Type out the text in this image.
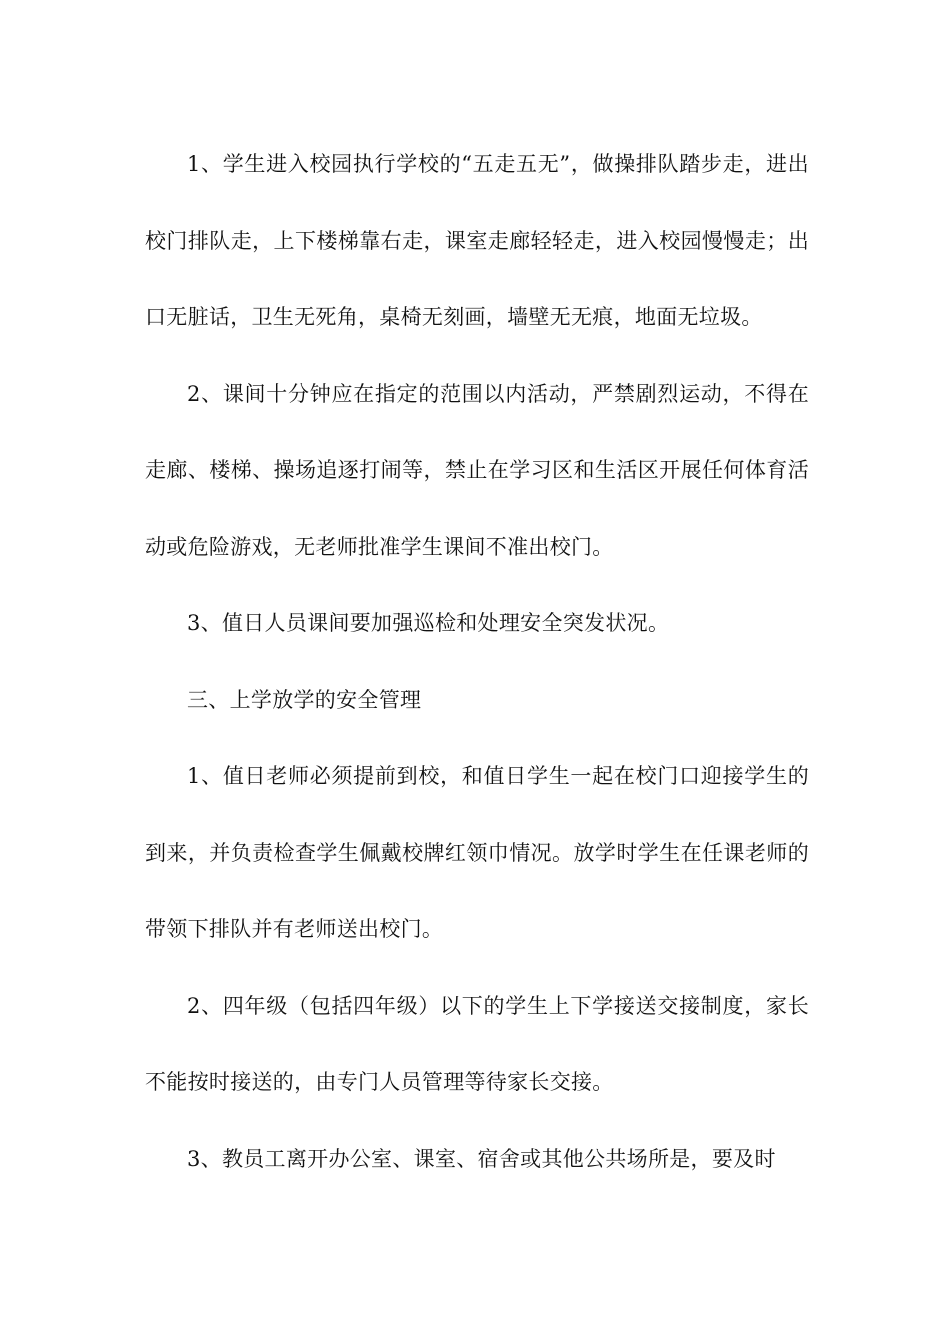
1、学生进入校园执行学校的“五走五无”，做操排队踏步走，进出校门排队走，上下楼梯靠右走，课室走廊轻轻走，进入校园慢慢走；出口无脏话，卫生无死角，桌椅无刻画，墙壁无无痕，地面无垃圾。

2、课间十分钟应在指定的范围以内活动，严禁剧烈运动，不得在走廊、楼梯、操场追逐打闹等，禁止在学习区和生活区开展任何体育活动或危险游戏，无老师批准学生课间不准出校门。

3、值日人员课间要加强巡检和处理安全突发状况。

三、上学放学的安全管理

1、值日老师必须提前到校，和值日学生一起在校门口迎接学生的到来，并负责检查学生佩戴校牌红领巾情况。放学时学生在任课老师的带领下排队并有老师送出校门。

2、四年级（包括四年级）以下的学生上下学接送交接制度，家长不能按时接送的，由专门人员管理等待家长交接。

3、教员工离开办公室、课室、宿舍或其他公共场所是，要及时
